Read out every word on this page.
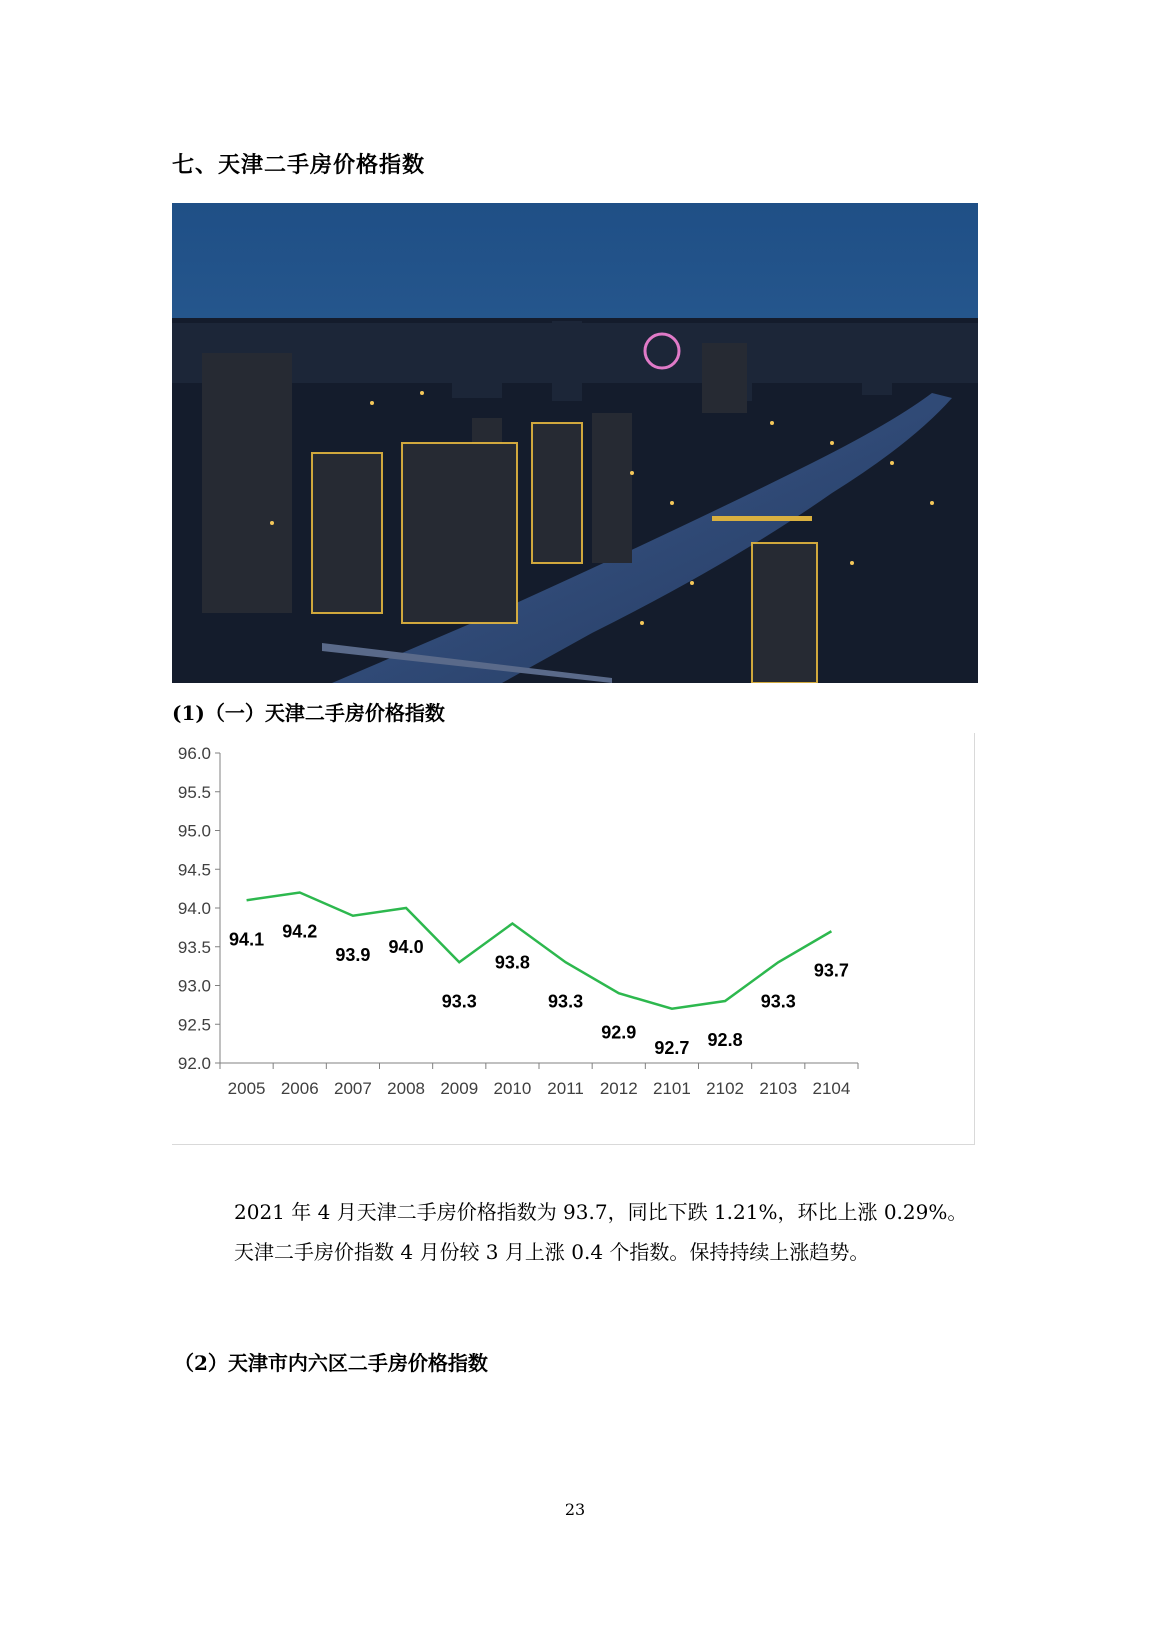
七、天津二手房价格指数
(1)（一）天津二手房价格指数
96.0
95.5
95.0
94.5
94.0
93.5
93.0
92.5
92.0
2005 2006 2007 2008 2009 2010 2011 2012 2101 2102 2103 2104
94.1 94.2
93.9 94.0
93.3
93.8
93.3
92.9
92.7 92.8
93.3
93.7
2021 年 4 月天津二手房价格指数为 93.7，同比下跌 1.21%，环比上涨 0.29%。
天津二手房价指数 4 月份较 3 月上涨 0.4 个指数。保持持续上涨趋势。
（2）天津市内六区二手房价格指数
23
